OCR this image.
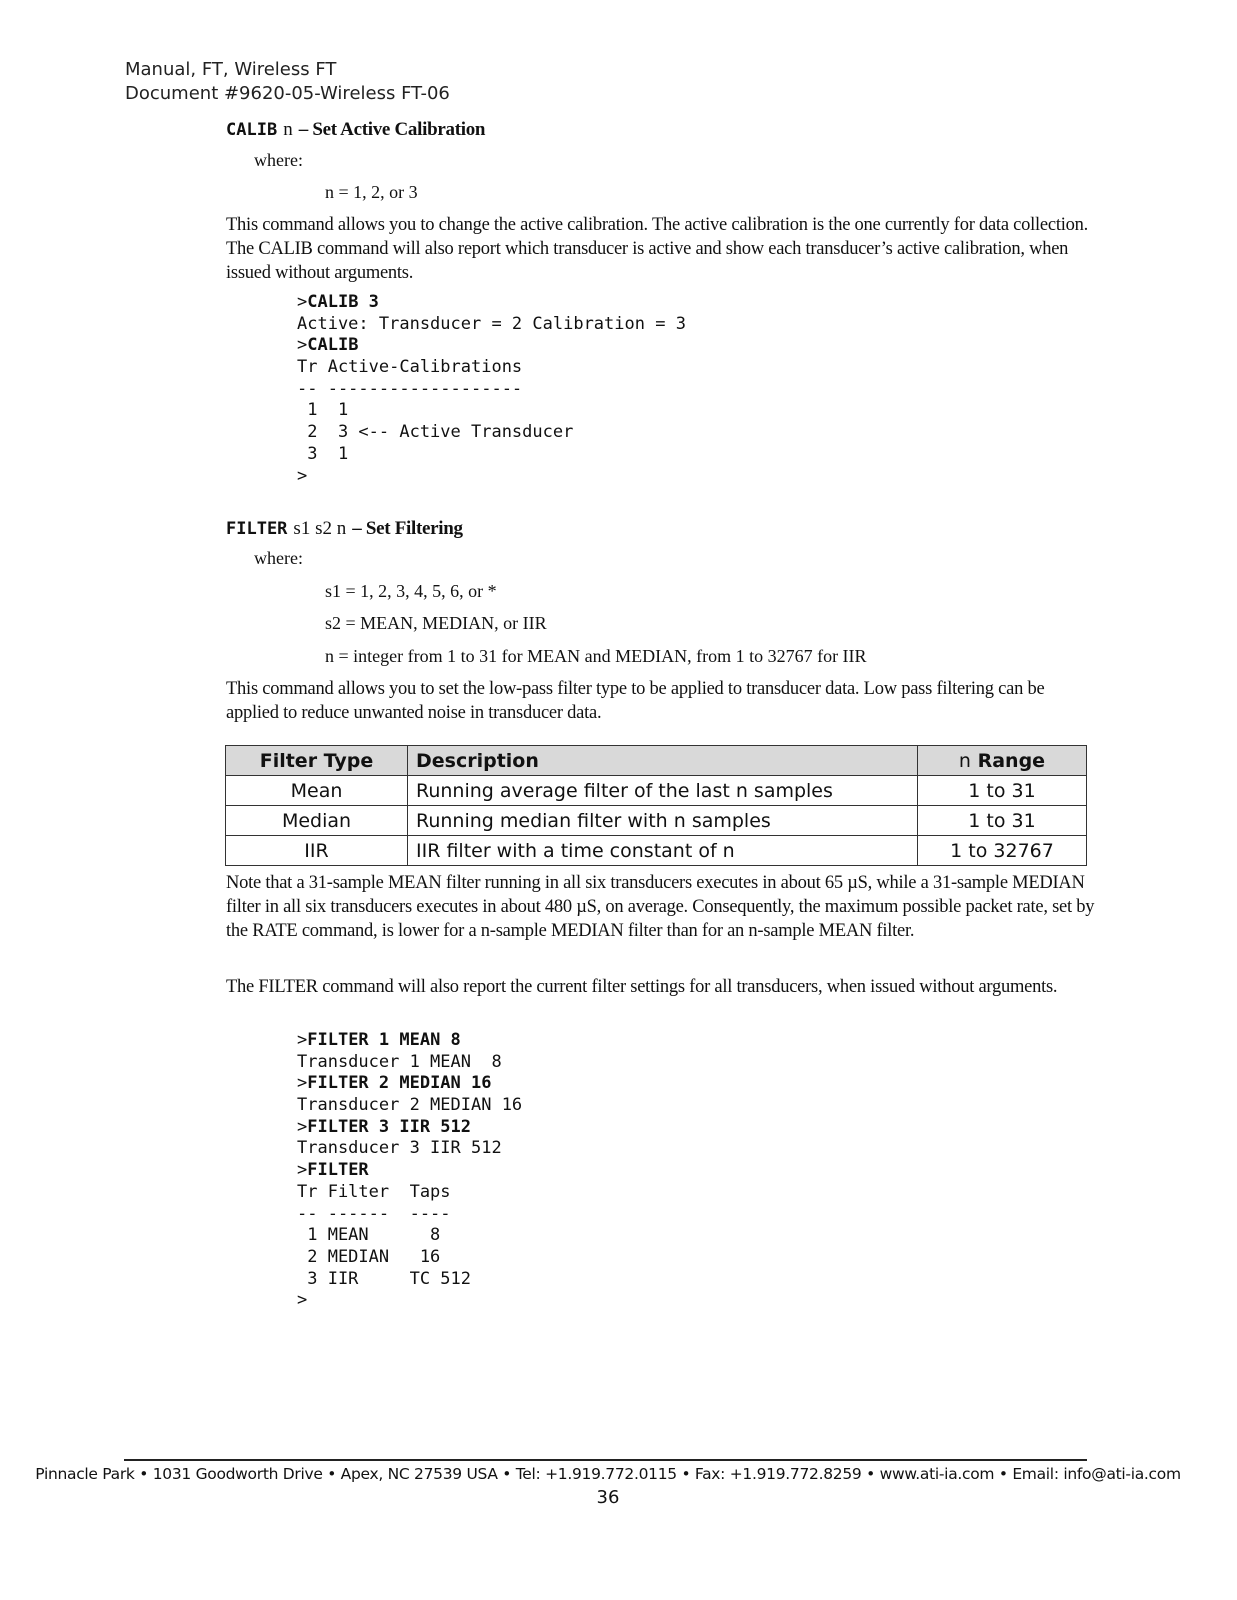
Manual, FT, Wireless FT
Document #9620-05-Wireless FT-06
CALIB n – Set Active Calibration
where:
n = 1, 2, or 3

This command allows you to change the active calibration. The active calibration is the one currently for data collection. The CALIB command will also report which transducer is active and show each transducer’s active calibration, when issued without arguments.

>CALIB 3
Active: Transducer = 2 Calibration = 3
>CALIB
Tr Active-Calibrations
-- -------------------
1  1
2  3 <-- Active Transducer
3  1
>
FILTER s1 s2 n – Set Filtering
where:
s1 = 1, 2, 3, 4, 5, 6, or *
s2 = MEAN, MEDIAN, or IIR
n = integer from 1 to 31 for MEAN and MEDIAN, from 1 to 32767 for IIR

This command allows you to set the low-pass filter type to be applied to transducer data. Low pass filtering can be applied to reduce unwanted noise in transducer data.

Filter Type	Description	n Range
Mean	Running average filter of the last n samples	1 to 31
Median	Running median filter with n samples	1 to 31
IIR	IIR filter with a time constant of n	1 to 32767

Note that a 31-sample MEAN filter running in all six transducers executes in about 65 µS, while a 31-sample MEDIAN filter in all six transducers executes in about 480 µS, on average. Consequently, the maximum possible packet rate, set by the RATE command, is lower for a n-sample MEDIAN filter than for an n-sample MEAN filter.

The FILTER command will also report the current filter settings for all transducers, when issued without arguments.

>FILTER 1 MEAN 8
Transducer 1 MEAN  8
>FILTER 2 MEDIAN 16
Transducer 2 MEDIAN 16
>FILTER 3 IIR 512
Transducer 3 IIR 512
>FILTER
Tr Filter  Taps
-- ------  ----
1 MEAN      8
2 MEDIAN   16
3 IIR     TC 512
>
Pinnacle Park • 1031 Goodworth Drive • Apex, NC 27539 USA • Tel: +1.919.772.0115 • Fax: +1.919.772.8259 • www.ati-ia.com • Email: info@ati-ia.com
36
